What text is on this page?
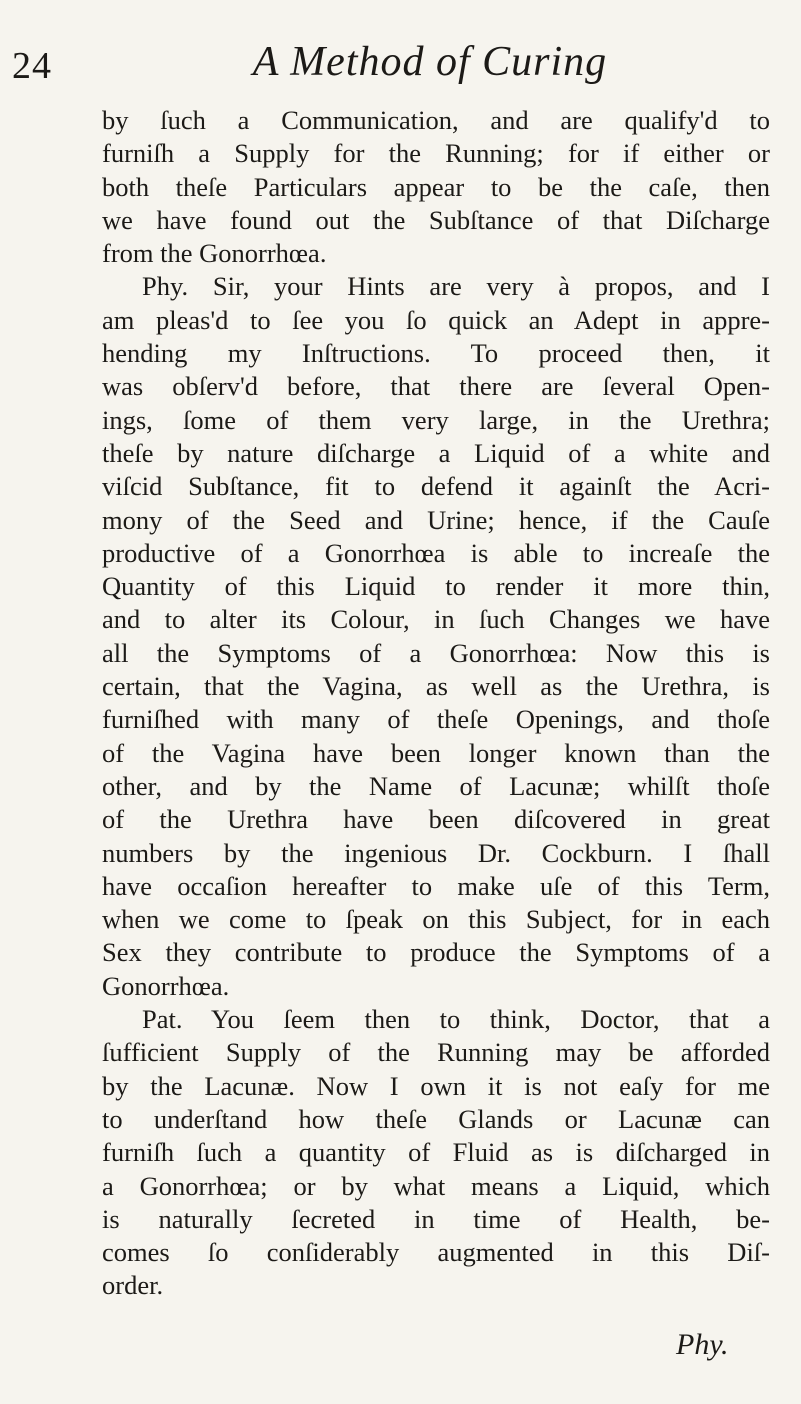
24	A Method of Curing
by ſuch a Communication, and are qualify'd to
furniſh a Supply for the Running; for if either or
both theſe Particulars appear to be the caſe, then
we have found out the Subſtance of that Diſcharge
from the Gonorrhœa.
Phy. Sir, your Hints are very à propos, and I
am pleas'd to ſee you ſo quick an Adept in appre-
hending my Inſtructions. To proceed then, it
was obſerv'd before, that there are ſeveral Open-
ings, ſome of them very large, in the Urethra;
theſe by nature diſcharge a Liquid of a white and
viſcid Subſtance, fit to defend it againſt the Acri-
mony of the Seed and Urine; hence, if the Cauſe
productive of a Gonorrhœa is able to increaſe the
Quantity of this Liquid to render it more thin,
and to alter its Colour, in ſuch Changes we have
all the Symptoms of a Gonorrhœa: Now this is
certain, that the Vagina, as well as the Urethra, is
furniſhed with many of theſe Openings, and thoſe
of the Vagina have been longer known than the
other, and by the Name of Lacunæ; whilſt thoſe
of the Urethra have been diſcovered in great
numbers by the ingenious Dr. Cockburn. I ſhall
have occaſion hereafter to make uſe of this Term,
when we come to ſpeak on this Subject, for in each
Sex they contribute to produce the Symptoms of a
Gonorrhœa.
Pat. You ſeem then to think, Doctor, that a
ſufficient Supply of the Running may be afforded
by the Lacunæ. Now I own it is not eaſy for me
to underſtand how theſe Glands or Lacunæ can
furniſh ſuch a quantity of Fluid as is diſcharged in
a Gonorrhœa; or by what means a Liquid, which
is naturally ſecreted in time of Health, be-
comes ſo conſiderably augmented in this Diſ-
order.
Phy.
